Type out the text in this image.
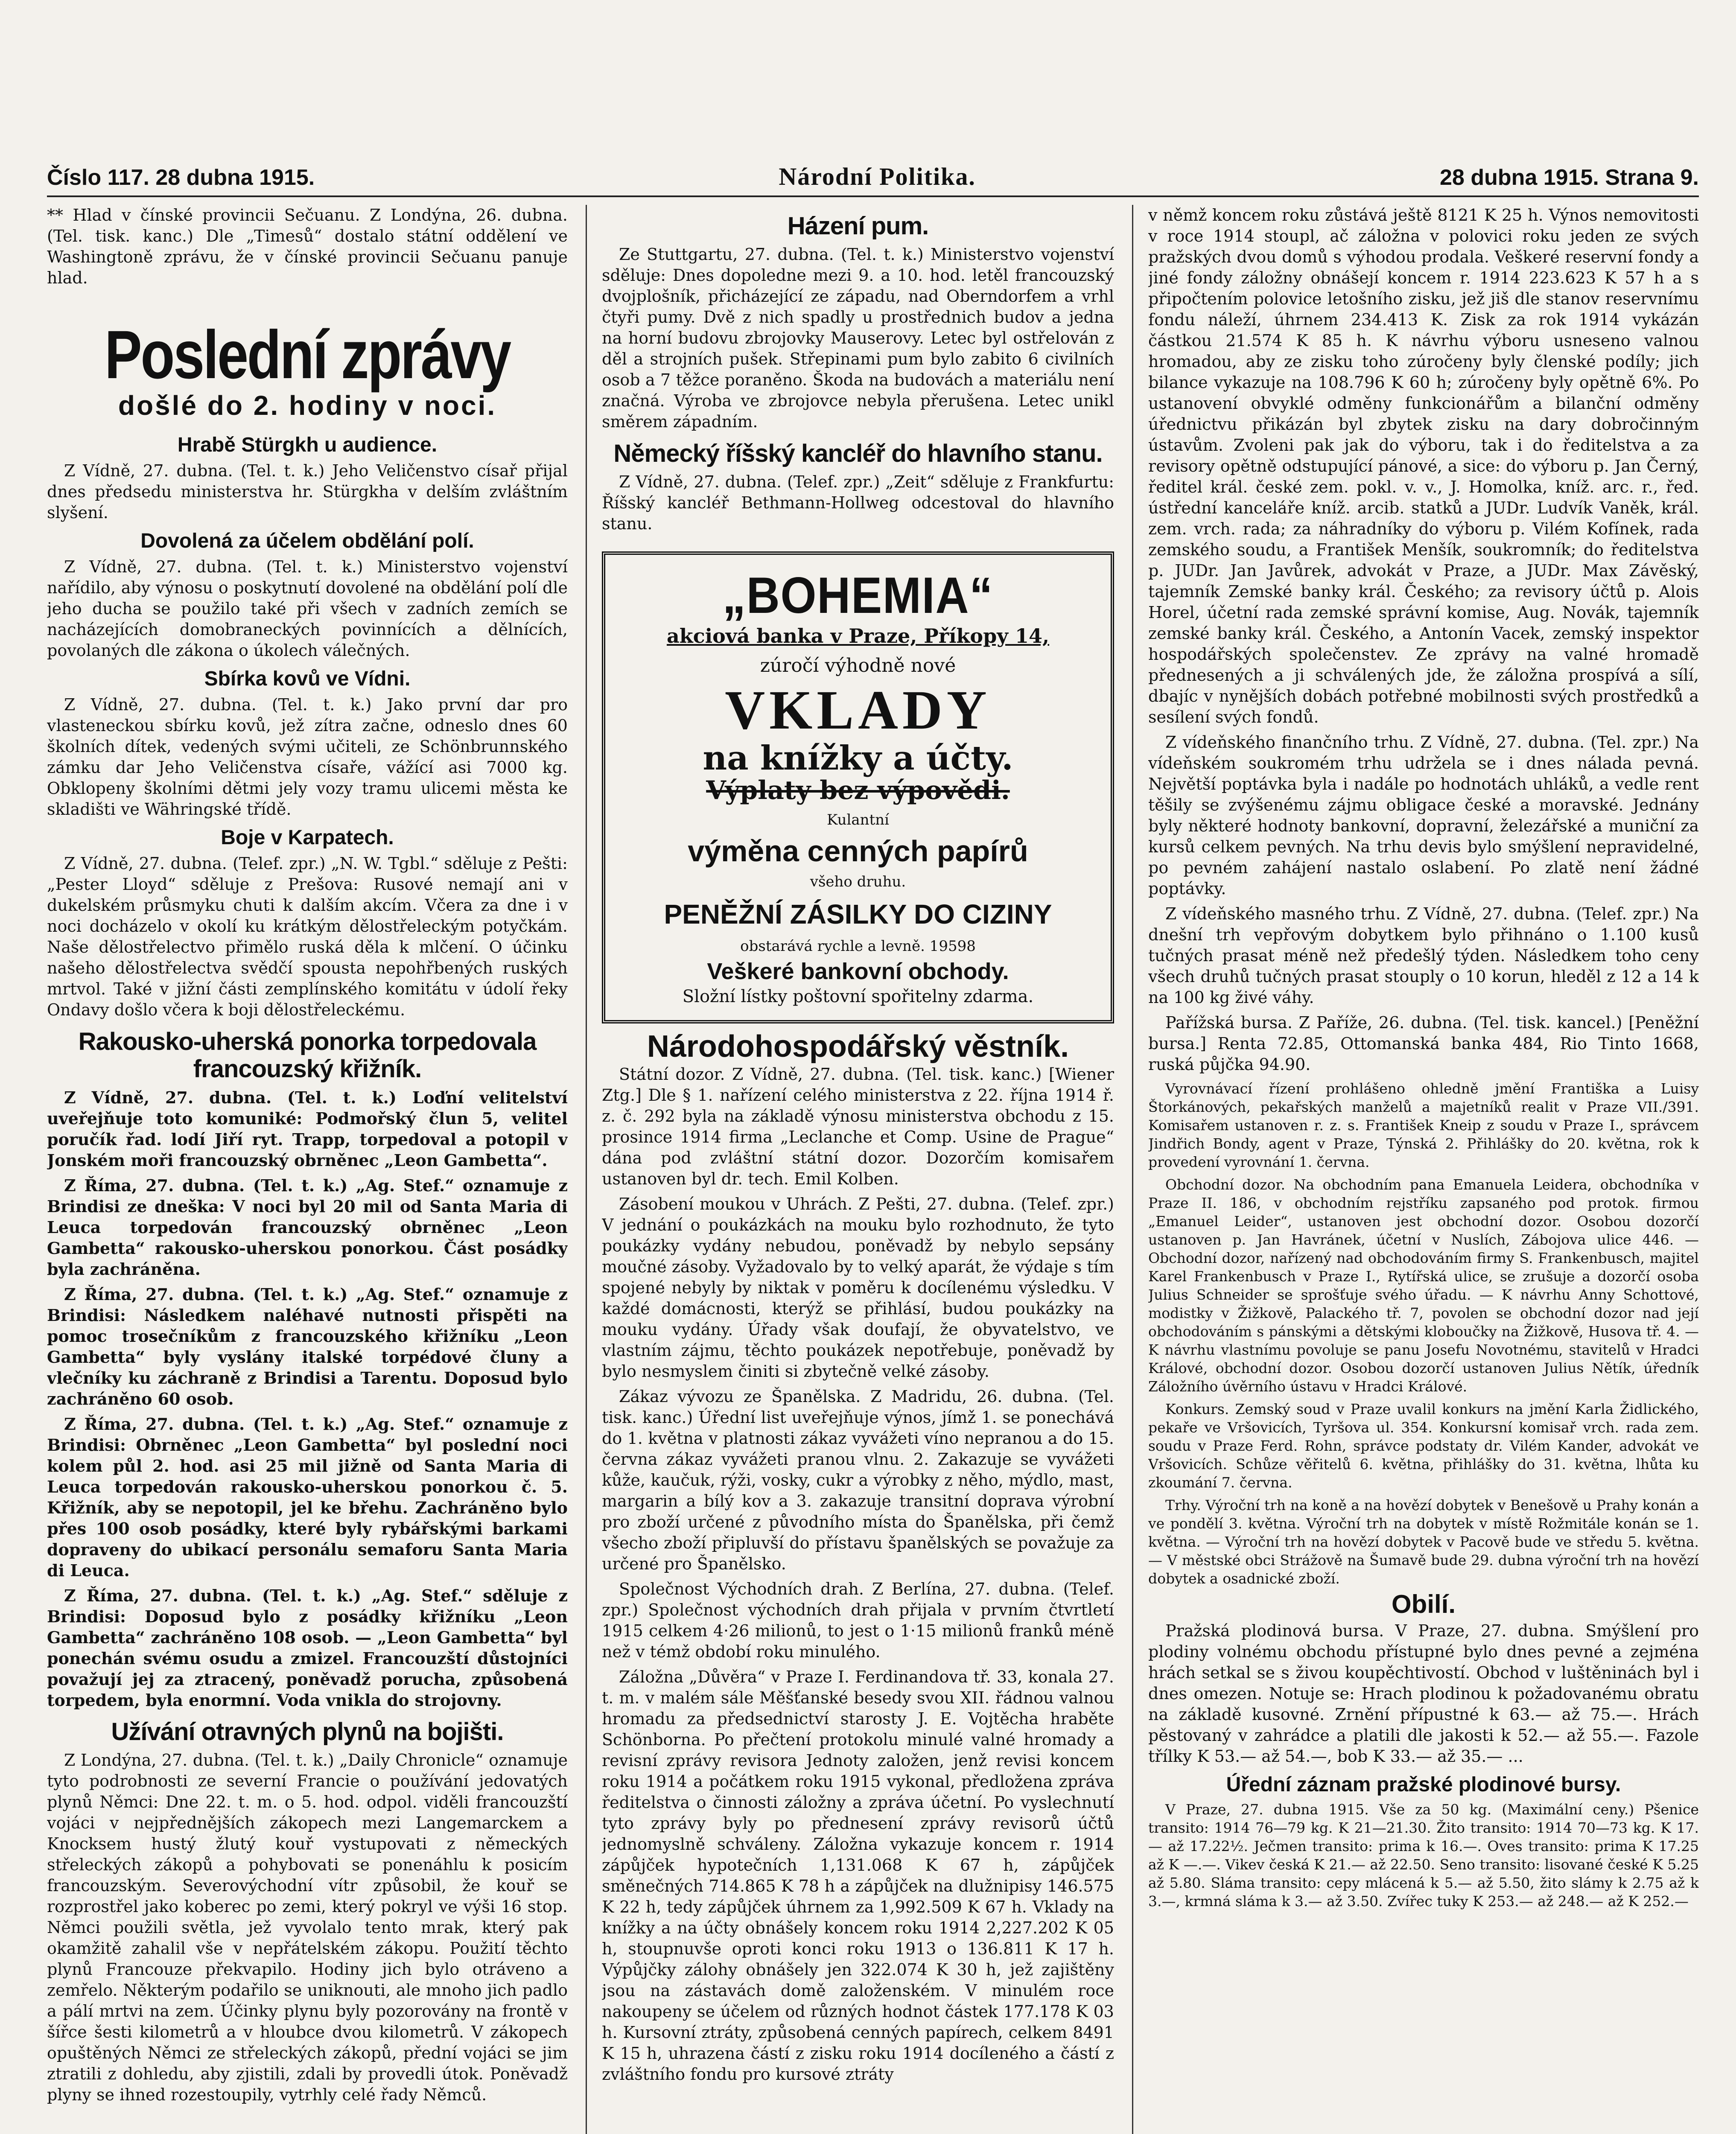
Číslo 117. 28 dubna 1915.	Národní Politika.	28 dubna 1915. Strana 9.

** Hlad v čínské provincii Sečuanu. Z Londýna, 26. dubna. (Tel. tisk. kanc.) Dle „Timesů“ dostalo státní oddělení ve Washingtoně zprávu, že v čínské provincii Sečuanu panuje hlad.

Poslední zprávy
došlé do 2. hodiny v noci.
Hrabě Stürgkh u audience.

Z Vídně, 27. dubna. (Tel. t. k.) Jeho Veličenstvo císař přijal dnes předsedu ministerstva hr. Stürgkha v delším zvláštním slyšení.

Dovolená za účelem obdělání polí.

Z Vídně, 27. dubna. (Tel. t. k.) Ministerstvo vojenství nařídilo, aby výnosu o poskytnutí dovolené na obdělání polí dle jeho ducha se použilo také při všech v zadních zemích se nacházejících domobraneckých povinnících a dělnících, povolaných dle zákona o úkolech válečných.

Sbírka kovů ve Vídni.

Z Vídně, 27. dubna. (Tel. t. k.) Jako první dar pro vlasteneckou sbírku kovů, jež zítra začne, odneslo dnes 60 školních dítek, vedených svými učiteli, ze Schönbrunnského zámku dar Jeho Veličenstva císaře, vážící asi 7000 kg. Obklopeny školními dětmi jely vozy tramu ulicemi města ke skladišti ve Währingské třídě.

Boje v Karpatech.

Z Vídně, 27. dubna. (Telef. zpr.) „N. W. Tgbl.“ sděluje z Pešti: „Pester Lloyd“ sděluje z Prešova: Rusové nemají ani v dukelském průsmyku chuti k dalším akcím. Včera za dne i v noci docházelo v okolí ku krátkým dělostřeleckým potyčkám. Naše dělostřelectvo přimělo ruská děla k mlčení. O účinku našeho dělostřelectva svědčí spousta nepohřbených ruských mrtvol. Také v jižní části zemplínského komitátu v údolí řeky Ondavy došlo včera k boji dělostřeleckému.

Rakousko-uherská ponorka torpedovala francouzský křižník.

Z Vídně, 27. dubna. (Tel. t. k.) Loďní velitelství uveřejňuje toto komuniké: Podmořský člun 5, velitel poručík řad. lodí Jiří ryt. Trapp, torpedoval a potopil v Jonském moři francouzský obrněnec „Leon Gambetta“.

Z Říma, 27. dubna. (Tel. t. k.) „Ag. Stef.“ oznamuje z Brindisi ze dneška: V noci byl 20 mil od Santa Maria di Leuca torpedován francouzský obrněnec „Leon Gambetta“ rakousko-uherskou ponorkou. Část posádky byla zachráněna.

Z Říma, 27. dubna. (Tel. t. k.) „Ag. Stef.“ oznamuje z Brindisi: Následkem naléhavé nutnosti přispěti na pomoc trosečníkům z francouzského křižníku „Leon Gambetta“ byly vyslány italské torpédové čluny a vlečníky ku záchraně z Brindisi a Tarentu. Doposud bylo zachráněno 60 osob.

Z Říma, 27. dubna. (Tel. t. k.) „Ag. Stef.“ oznamuje z Brindisi: Obrněnec „Leon Gambetta“ byl poslední noci kolem půl 2. hod. asi 25 mil jižně od Santa Maria di Leuca torpedován rakousko-uherskou ponorkou č. 5. Křižník, aby se nepotopil, jel ke břehu. Zachráněno bylo přes 100 osob posádky, které byly rybářskými barkami dopraveny do ubikací personálu semaforu Santa Maria di Leuca.

Z Říma, 27. dubna. (Tel. t. k.) „Ag. Stef.“ sděluje z Brindisi: Doposud bylo z posádky křižníku „Leon Gambetta“ zachráněno 108 osob. — „Leon Gambetta“ byl ponechán svému osudu a zmizel. Francouzští důstojníci považují jej za ztracený, poněvadž porucha, způsobená torpedem, byla enormní. Voda vnikla do strojovny.

Užívání otravných plynů na bojišti.

Z Londýna, 27. dubna. (Tel. t. k.) „Daily Chronicle“ oznamuje tyto podrobnosti ze severní Francie o používání jedovatých plynů Němci: Dne 22. t. m. o 5. hod. odpol. viděli francouzští vojáci v nejpřednějších zákopech mezi Langemarckem a Knocksem hustý žlutý kouř vystupovati z německých střeleckých zákopů a pohybovati se ponenáhlu k posicím francouzským. Severovýchodní vítr způsobil, že kouř se rozprostřel jako koberec po zemi, který pokryl ve výši 16 stop. Němci použili světla, jež vyvolalo tento mrak, který pak okamžitě zahalil vše v nepřátelském zákopu. Použití těchto plynů Francouze překvapilo. Hodiny jich bylo otráveno a zemřelo. Některým podařilo se uniknouti, ale mnoho jich padlo a pálí mrtvi na zem. Účinky plynu byly pozorovány na frontě v šířce šesti kilometrů a v hloubce dvou kilometrů. V zákopech opuštěných Němci ze střeleckých zákopů, přední vojáci se jim ztratili z dohledu, aby zjistili, zdali by provedli útok. Poněvadž plyny se ihned rozestoupily, vytrhly celé řady Němců.

Házení pum.

Ze Stuttgartu, 27. dubna. (Tel. t. k.) Ministerstvo vojenství sděluje: Dnes dopoledne mezi 9. a 10. hod. letěl francouzský dvojplošník, přicházející ze západu, nad Oberndorfem a vrhl čtyři pumy. Dvě z nich spadly u prostřednich budov a jedna na horní budovu zbrojovky Mauserovy. Letec byl ostřelován z děl a strojních pušek. Střepinami pum bylo zabito 6 civilních osob a 7 těžce poraněno. Škoda na budovách a materiálu není značná. Výroba ve zbrojovce nebyla přerušena. Letec unikl směrem západním.

Německý říšský kancléř do hlavního stanu.

Z Vídně, 27. dubna. (Telef. zpr.) „Zeit“ sděluje z Frankfurtu: Říšský kancléř Bethmann-Hollweg odcestoval do hlavního stanu.

„BOHEMIA“
akciová banka v Praze, Příkopy 14,
zúročí výhodně nové
VKLADY
na knížky a účty.
Výplaty bez výpovědi.
Kulantní
výměna cenných papírů
všeho druhu.
PENĚŽNÍ ZÁSILKY DO CIZINY
obstarává rychle a levně. 19598
Veškeré bankovní obchody.
Složní lístky poštovní spořitelny zdarma.
Národohospodářský věstník.

Státní dozor. Z Vídně, 27. dubna. (Tel. tisk. kanc.) [Wiener Ztg.] Dle § 1. nařízení celého ministerstva z 22. října 1914 ř. z. č. 292 byla na základě výnosu ministerstva obchodu z 15. prosince 1914 firma „Leclanche et Comp. Usine de Prague“ dána pod zvláštní státní dozor. Dozorčím komisařem ustanoven byl dr. tech. Emil Kolben.

Zásobení moukou v Uhrách. Z Pešti, 27. dubna. (Telef. zpr.) V jednání o poukázkách na mouku bylo rozhodnuto, že tyto poukázky vydány nebudou, poněvadž by nebylo sepsány moučné zásoby. Vyžadovalo by to velký aparát, že výdaje s tím spojené nebyly by niktak v poměru k docílenému výsledku. V každé domácnosti, kterýž se přihlásí, budou poukázky na mouku vydány. Úřady však doufají, že obyvatelstvo, ve vlastním zájmu, těchto poukázek nepotřebuje, poněvadž by bylo nesmyslem činiti si zbytečně velké zásoby.

Zákaz vývozu ze Španělska. Z Madridu, 26. dubna. (Tel. tisk. kanc.) Úřední list uveřejňuje výnos, jímž 1. se ponechává do 1. května v platnosti zákaz vyvážeti víno nepranou a do 15. června zákaz vyvážeti pranou vlnu. 2. Zakazuje se vyvážeti kůže, kaučuk, rýži, vosky, cukr a výrobky z něho, mýdlo, mast, margarin a bílý kov a 3. zakazuje transitní doprava výrobní pro zboží určené z původního místa do Španělska, při čemž všecho zboží připluvší do přístavu španělských se považuje za určené pro Španělsko.

Společnost Východních drah. Z Berlína, 27. dubna. (Telef. zpr.) Společnost východních drah přijala v prvním čtvrtletí 1915 celkem 4·26 milionů, to jest o 1·15 milionů franků méně než v témž období roku minulého.

Záložna „Důvěra“ v Praze I. Ferdinandova tř. 33, konala 27. t. m. v malém sále Měšťanské besedy svou XII. řádnou valnou hromadu za předsednictví starosty J. E. Vojtěcha hraběte Schönborna. Po přečtení protokolu minulé valné hromady a revisní zprávy revisora Jednoty založen, jenž revisi koncem roku 1914 a počátkem roku 1915 vykonal, předložena zpráva ředitelstva o činnosti záložny a zpráva účetní. Po vyslechnutí tyto zprávy byly po přednesení zprávy revisorů účtů jednomyslně schváleny. Záložna vykazuje koncem r. 1914 zápůjček hypotečních 1,131.068 K 67 h, zápůjček směnečných 714.865 K 78 h a zápůjček na dlužnipisy 146.575 K 22 h, tedy zápůjček úhrnem za 1,992.509 K 67 h. Vklady na knížky a na účty obnášely koncem roku 1914 2,227.202 K 05 h, stoupnuvše oproti konci roku 1913 o 136.811 K 17 h. Výpůjčky zálohy obnášely jen 322.074 K 30 h, jež zajištěny jsou na zástavách domě založenském. V minulém roce nakoupeny se účelem od různých hodnot částek 177.178 K 03 h. Kursovní ztráty, způsobená cenných papírech, celkem 8491 K 15 h, uhrazena částí z zisku roku 1914 docíleného a částí z zvláštního fondu pro kursové ztráty

v němž koncem roku zůstává ještě 8121 K 25 h. Výnos nemovitosti v roce 1914 stoupl, ač záložna v polovici roku jeden ze svých pražských dvou domů s výhodou prodala. Veškeré reservní fondy a jiné fondy záložny obnášejí koncem r. 1914 223.623 K 57 h a s připočtením polovice letošního zisku, jež jiš dle stanov reservnímu fondu náleží, úhrnem 234.413 K. Zisk za rok 1914 vykázán částkou 21.574 K 85 h. K návrhu výboru usneseno valnou hromadou, aby ze zisku toho zúročeny byly členské podíly; jich bilance vykazuje na 108.796 K 60 h; zúročeny byly opětně 6%. Po ustanovení obvyklé odměny funkcionářům a bilanční odměny úřednictvu přikázán byl zbytek zisku na dary dobročinným ústavům. Zvoleni pak jak do výboru, tak i do ředitelstva a za revisory opětně odstupující pánové, a sice: do výboru p. Jan Černý, ředitel král. české zem. pokl. v. v., J. Homolka, kníž. arc. r., řed. ústřední kanceláře kníž. arcib. statků a JUDr. Ludvík Vaněk, král. zem. vrch. rada; za náhradníky do výboru p. Vilém Kofínek, rada zemského soudu, a František Menšík, soukromník; do ředitelstva p. JUDr. Jan Javůrek, advokát v Praze, a JUDr. Max Závěský, tajemník Zemské banky král. Českého; za revisory účtů p. Alois Horel, účetní rada zemské správní komise, Aug. Novák, tajemník zemské banky král. Českého, a Antonín Vacek, zemský inspektor hospodářských společenstev. Ze zprávy na valné hromadě přednesených a ji schválených jde, že záložna prospívá a sílí, dbajíc v nynějších dobách potřebné mobilnosti svých prostředků a sesílení svých fondů.

Z vídeňského finančního trhu. Z Vídně, 27. dubna. (Tel. zpr.) Na vídeňském soukromém trhu udržela se i dnes nálada pevná. Největší poptávka byla i nadále po hodnotách uhláků, a vedle rent těšily se zvýšenému zájmu obligace české a moravské. Jednány byly některé hodnoty bankovní, dopravní, železářské a muniční za kursů celkem pevných. Na trhu devis bylo smýšlení nepravidelné, po pevném zahájení nastalo oslabení. Po zlatě není žádné poptávky.

Z vídeňského masného trhu. Z Vídně, 27. dubna. (Telef. zpr.) Na dnešní trh vepřovým dobytkem bylo přihnáno o 1.100 kusů tučných prasat méně než předešlý týden. Následkem toho ceny všech druhů tučných prasat stouply o 10 korun, hleděl z 12 a 14 k na 100 kg živé váhy.

Pařížská bursa. Z Paříže, 26. dubna. (Tel. tisk. kancel.) [Peněžní bursa.] Renta 72.85, Ottomanská banka 484, Rio Tinto 1668, ruská půjčka 94.90.

Vyrovnávací řízení prohlášeno ohledně jmění Františka a Luisy Štorkánových, pekařských manželů a majetníků realit v Praze VII./391. Komisařem ustanoven r. z. s. František Kneip z soudu v Praze I., správcem Jindřich Bondy, agent v Praze, Týnská 2. Přihlášky do 20. května, rok k provedení vyrovnání 1. června.

Obchodní dozor. Na obchodním pana Emanuela Leidera, obchodníka v Praze II. 186, v obchodním rejstříku zapsaného pod protok. firmou „Emanuel Leider“, ustanoven jest obchodní dozor. Osobou dozorčí ustanoven p. Jan Havránek, účetní v Nuslích, Zábojova ulice 446. — Obchodní dozor, nařízený nad obchodováním firmy S. Frankenbusch, majitel Karel Frankenbusch v Praze I., Rytířská ulice, se zrušuje a dozorčí osoba Julius Schneider se sprošťuje svého úřadu. — K návrhu Anny Schottové, modistky v Žižkově, Palackého tř. 7, povolen se obchodní dozor nad její obchodováním s pánskými a dětskými kloboučky na Žižkově, Husova tř. 4. — K návrhu vlastnímu povoluje se panu Josefu Novotnému, stavitelů v Hradci Králové, obchodní dozor. Osobou dozorčí ustanoven Julius Nětík, úředník Záložního úvěrního ústavu v Hradci Králové.

Konkurs. Zemský soud v Praze uvalil konkurs na jmění Karla Židlického, pekaře ve Vršovicích, Tyršova ul. 354. Konkursní komisař vrch. rada zem. soudu v Praze Ferd. Rohn, správce podstaty dr. Vilém Kander, advokát ve Vršovicích. Schůze věřitelů 6. května, přihlášky do 31. května, lhůta ku zkoumání 7. června.

Trhy. Výroční trh na koně a na hovězí dobytek v Benešově u Prahy konán a ve pondělí 3. května. Výroční trh na dobytek v místě Rožmitále konán se 1. května. — Výroční trh na hovězí dobytek v Pacově bude ve středu 5. května. — V městské obci Strážově na Šumavě bude 29. dubna výroční trh na hovězí dobytek a osadnické zboží.

Obilí.

Pražská plodinová bursa. V Praze, 27. dubna. Smýšlení pro plodiny volnému obchodu přístupné bylo dnes pevné a zejména hrách setkal se s živou koupěchtivostí. Obchod v luštěninách byl i dnes omezen. Notuje se: Hrach plodinou k požadovanému obratu na základě kusovné. Zrnění přípustné k 63.— až 75.—. Hrách pěstovaný v zahrádce a platili dle jakosti k 52.— až 55.—. Fazole třílky K 53.— až 54.—, bob K 33.— až 35.— ...

Úřední záznam pražské plodinové bursy.

V Praze, 27. dubna 1915. Vše za 50 kg. (Maximální ceny.) Pšenice transito: 1914 76—79 kg. K 21—21.30. Žito transito: 1914 70—73 kg. K 17.— až 17.22½. Ječmen transito: prima k 16.—. Oves transito: prima K 17.25 až K —.—. Vikev česká K 21.— až 22.50. Seno transito: lisované české K 5.25 až 5.80. Sláma transito: cepy mlácená k 5.— až 5.50, žito slámy k 2.75 až k 3.—, krmná sláma k 3.— až 3.50. Zvířec tuky K 253.— až 248.— až K 252.—
